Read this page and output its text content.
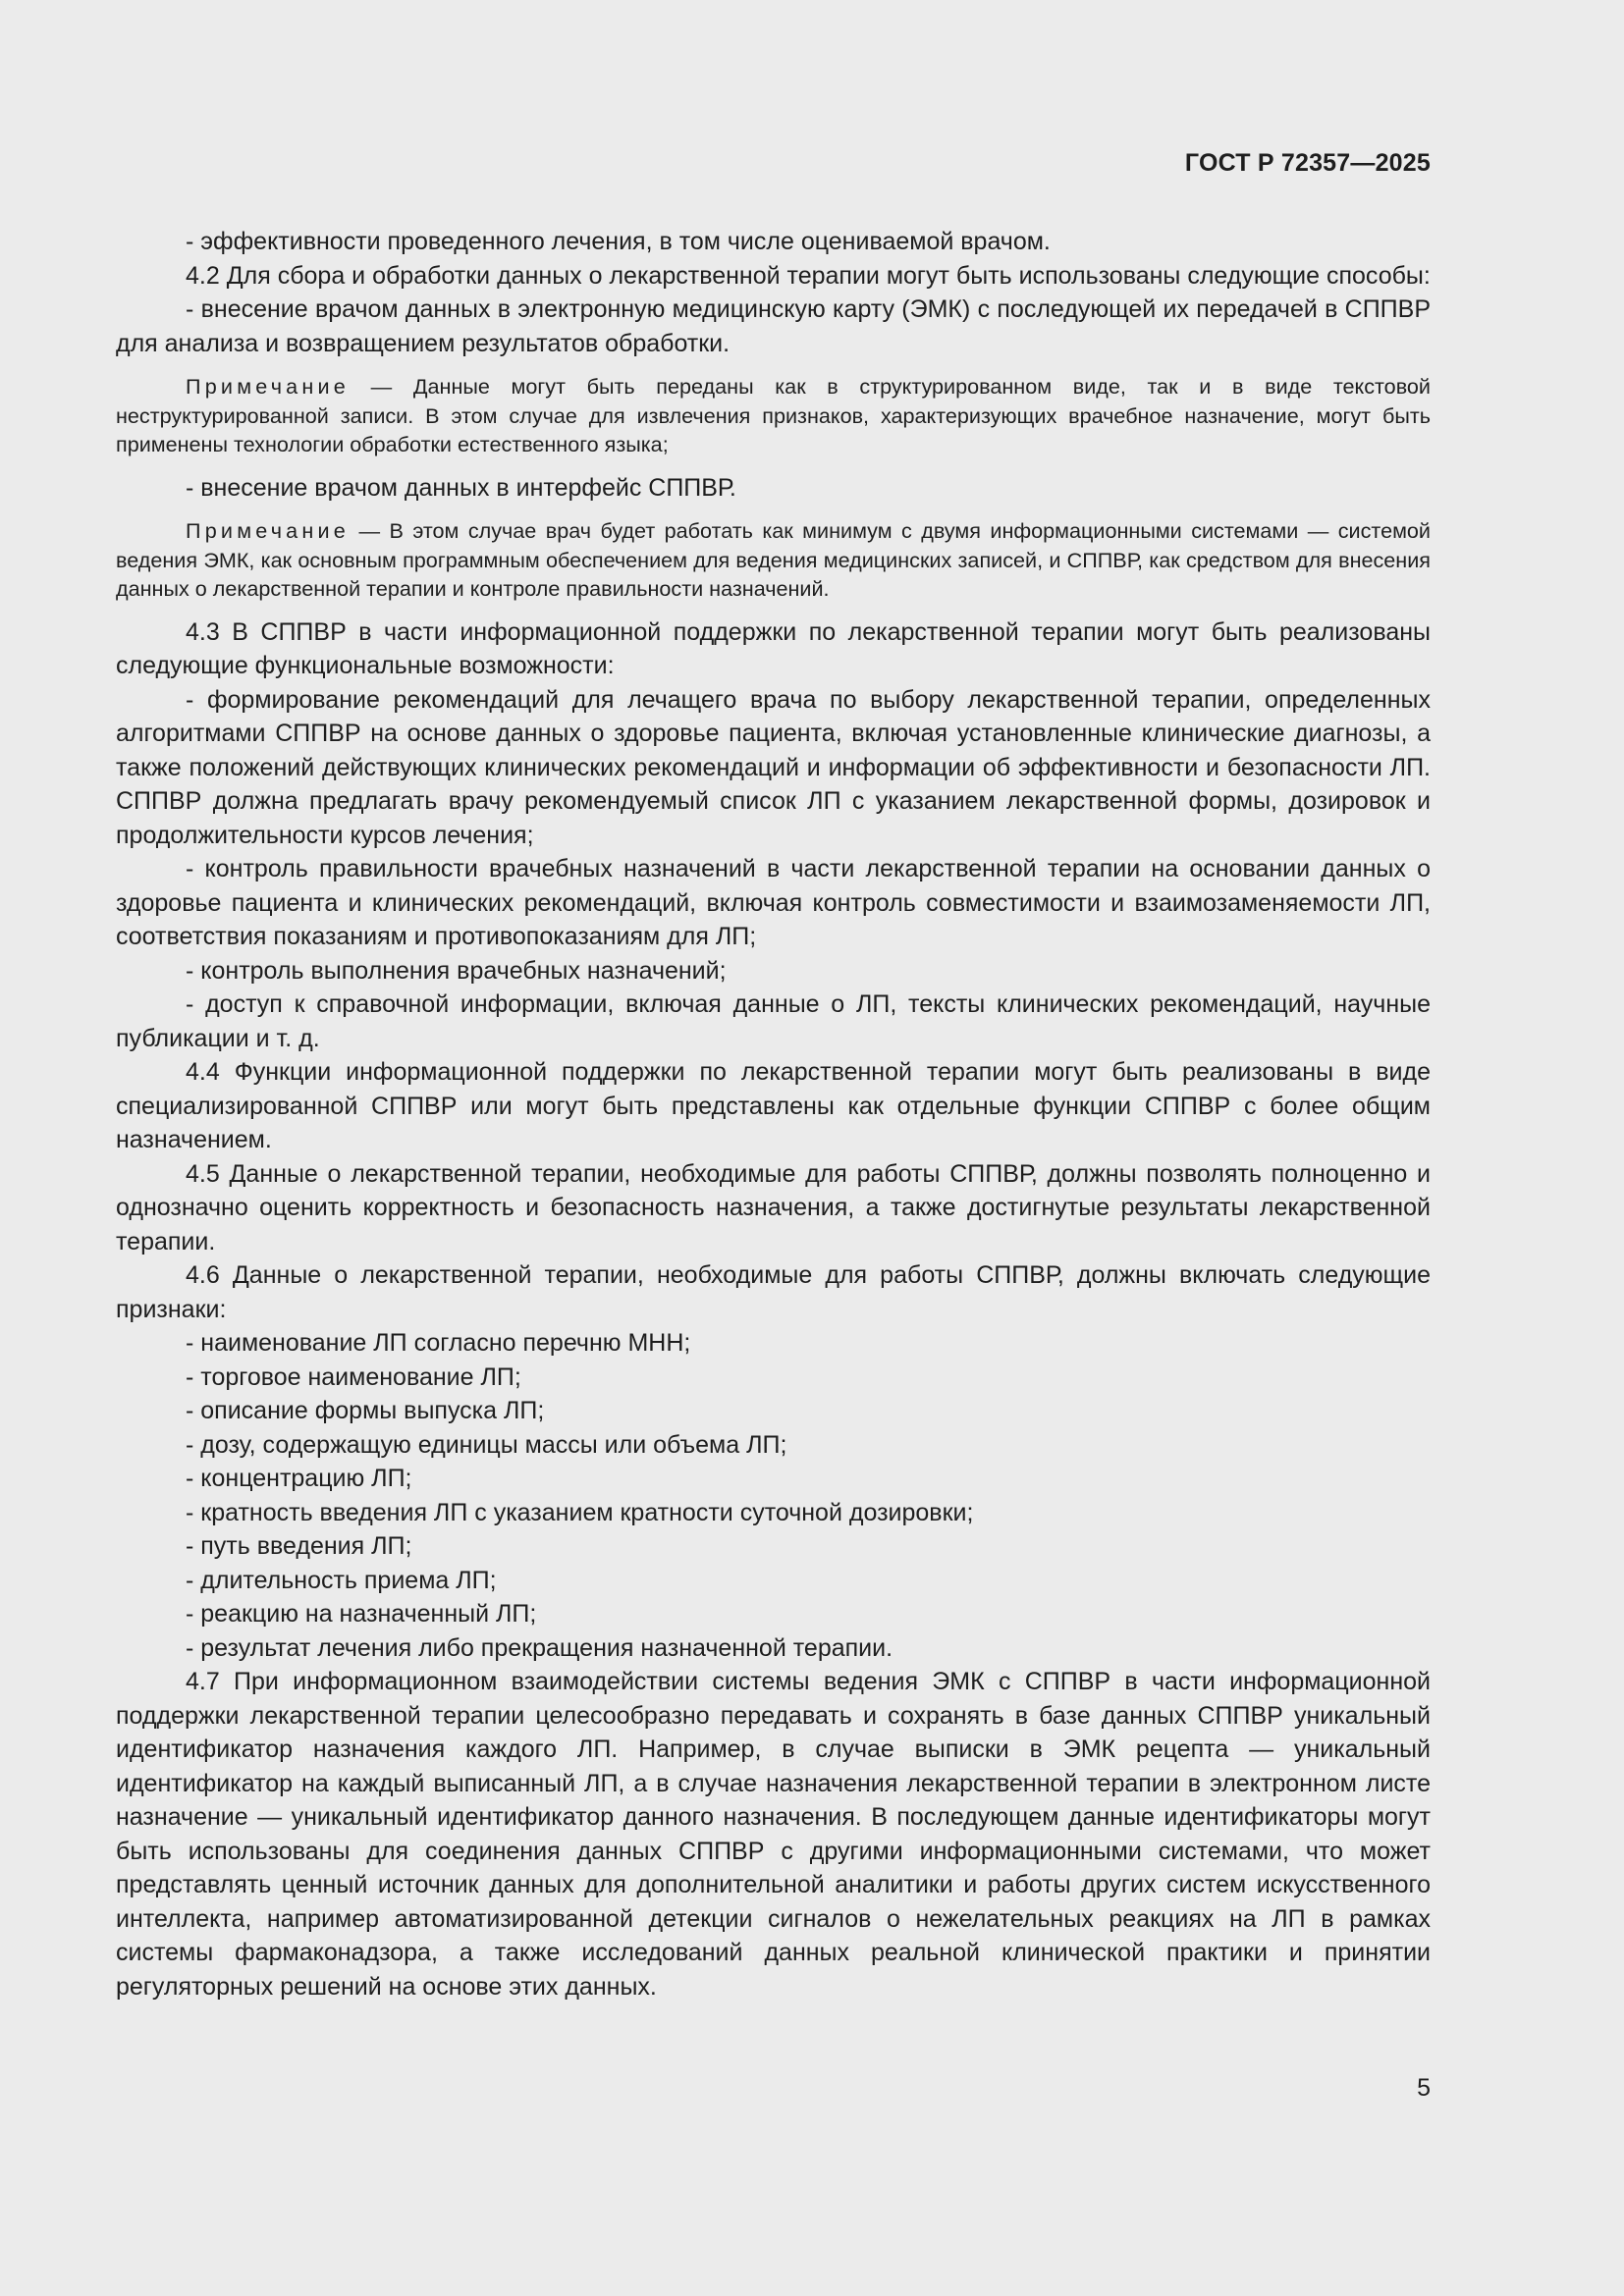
ГОСТ Р 72357—2025

- эффективности проведенного лечения, в том числе оцениваемой врачом.

4.2 Для сбора и обработки данных о лекарственной терапии могут быть использованы следующие способы:

- внесение врачом данных в электронную медицинскую карту (ЭМК) с последующей их передачей в СППВР для анализа и возвращением результатов обработки.

Примечание — Данные могут быть переданы как в структурированном виде, так и в виде текстовой неструктурированной записи. В этом случае для извлечения признаков, характеризующих врачебное назначение, могут быть применены технологии обработки естественного языка;

- внесение врачом данных в интерфейс СППВР.

Примечание — В этом случае врач будет работать как минимум с двумя информационными системами — системой ведения ЭМК, как основным программным обеспечением для ведения медицинских записей, и СППВР, как средством для внесения данных о лекарственной терапии и контроле правильности назначений.

4.3 В СППВР в части информационной поддержки по лекарственной терапии могут быть реализованы следующие функциональные возможности:

- формирование рекомендаций для лечащего врача по выбору лекарственной терапии, определенных алгоритмами СППВР на основе данных о здоровье пациента, включая установленные клинические диагнозы, а также положений действующих клинических рекомендаций и информации об эффективности и безопасности ЛП. СППВР должна предлагать врачу рекомендуемый список ЛП с указанием лекарственной формы, дозировок и продолжительности курсов лечения;

- контроль правильности врачебных назначений в части лекарственной терапии на основании данных о здоровье пациента и клинических рекомендаций, включая контроль совместимости и взаимозаменяемости ЛП, соответствия показаниям и противопоказаниям для ЛП;

- контроль выполнения врачебных назначений;

- доступ к справочной информации, включая данные о ЛП, тексты клинических рекомендаций, научные публикации и т. д.

4.4 Функции информационной поддержки по лекарственной терапии могут быть реализованы в виде специализированной СППВР или могут быть представлены как отдельные функции СППВР с более общим назначением.

4.5 Данные о лекарственной терапии, необходимые для работы СППВР, должны позволять полноценно и однозначно оценить корректность и безопасность назначения, а также достигнутые результаты лекарственной терапии.

4.6 Данные о лекарственной терапии, необходимые для работы СППВР, должны включать следующие признаки:

- наименование ЛП согласно перечню МНН;

- торговое наименование ЛП;

- описание формы выпуска ЛП;

- дозу, содержащую единицы массы или объема ЛП;

- концентрацию ЛП;

- кратность введения ЛП с указанием кратности суточной дозировки;

- путь введения ЛП;

- длительность приема ЛП;

- реакцию на назначенный ЛП;

- результат лечения либо прекращения назначенной терапии.

4.7 При информационном взаимодействии системы ведения ЭМК с СППВР в части информационной поддержки лекарственной терапии целесообразно передавать и сохранять в базе данных СППВР уникальный идентификатор назначения каждого ЛП. Например, в случае выписки в ЭМК рецепта — уникальный идентификатор на каждый выписанный ЛП, а в случае назначения лекарственной терапии в электронном листе назначение — уникальный идентификатор данного назначения. В последующем данные идентификаторы могут быть использованы для соединения данных СППВР с другими информационными системами, что может представлять ценный источник данных для дополнительной аналитики и работы других систем искусственного интеллекта, например автоматизированной детекции сигналов о нежелательных реакциях на ЛП в рамках системы фармаконадзора, а также исследований данных реальной клинической практики и принятии регуляторных решений на основе этих данных.

5
